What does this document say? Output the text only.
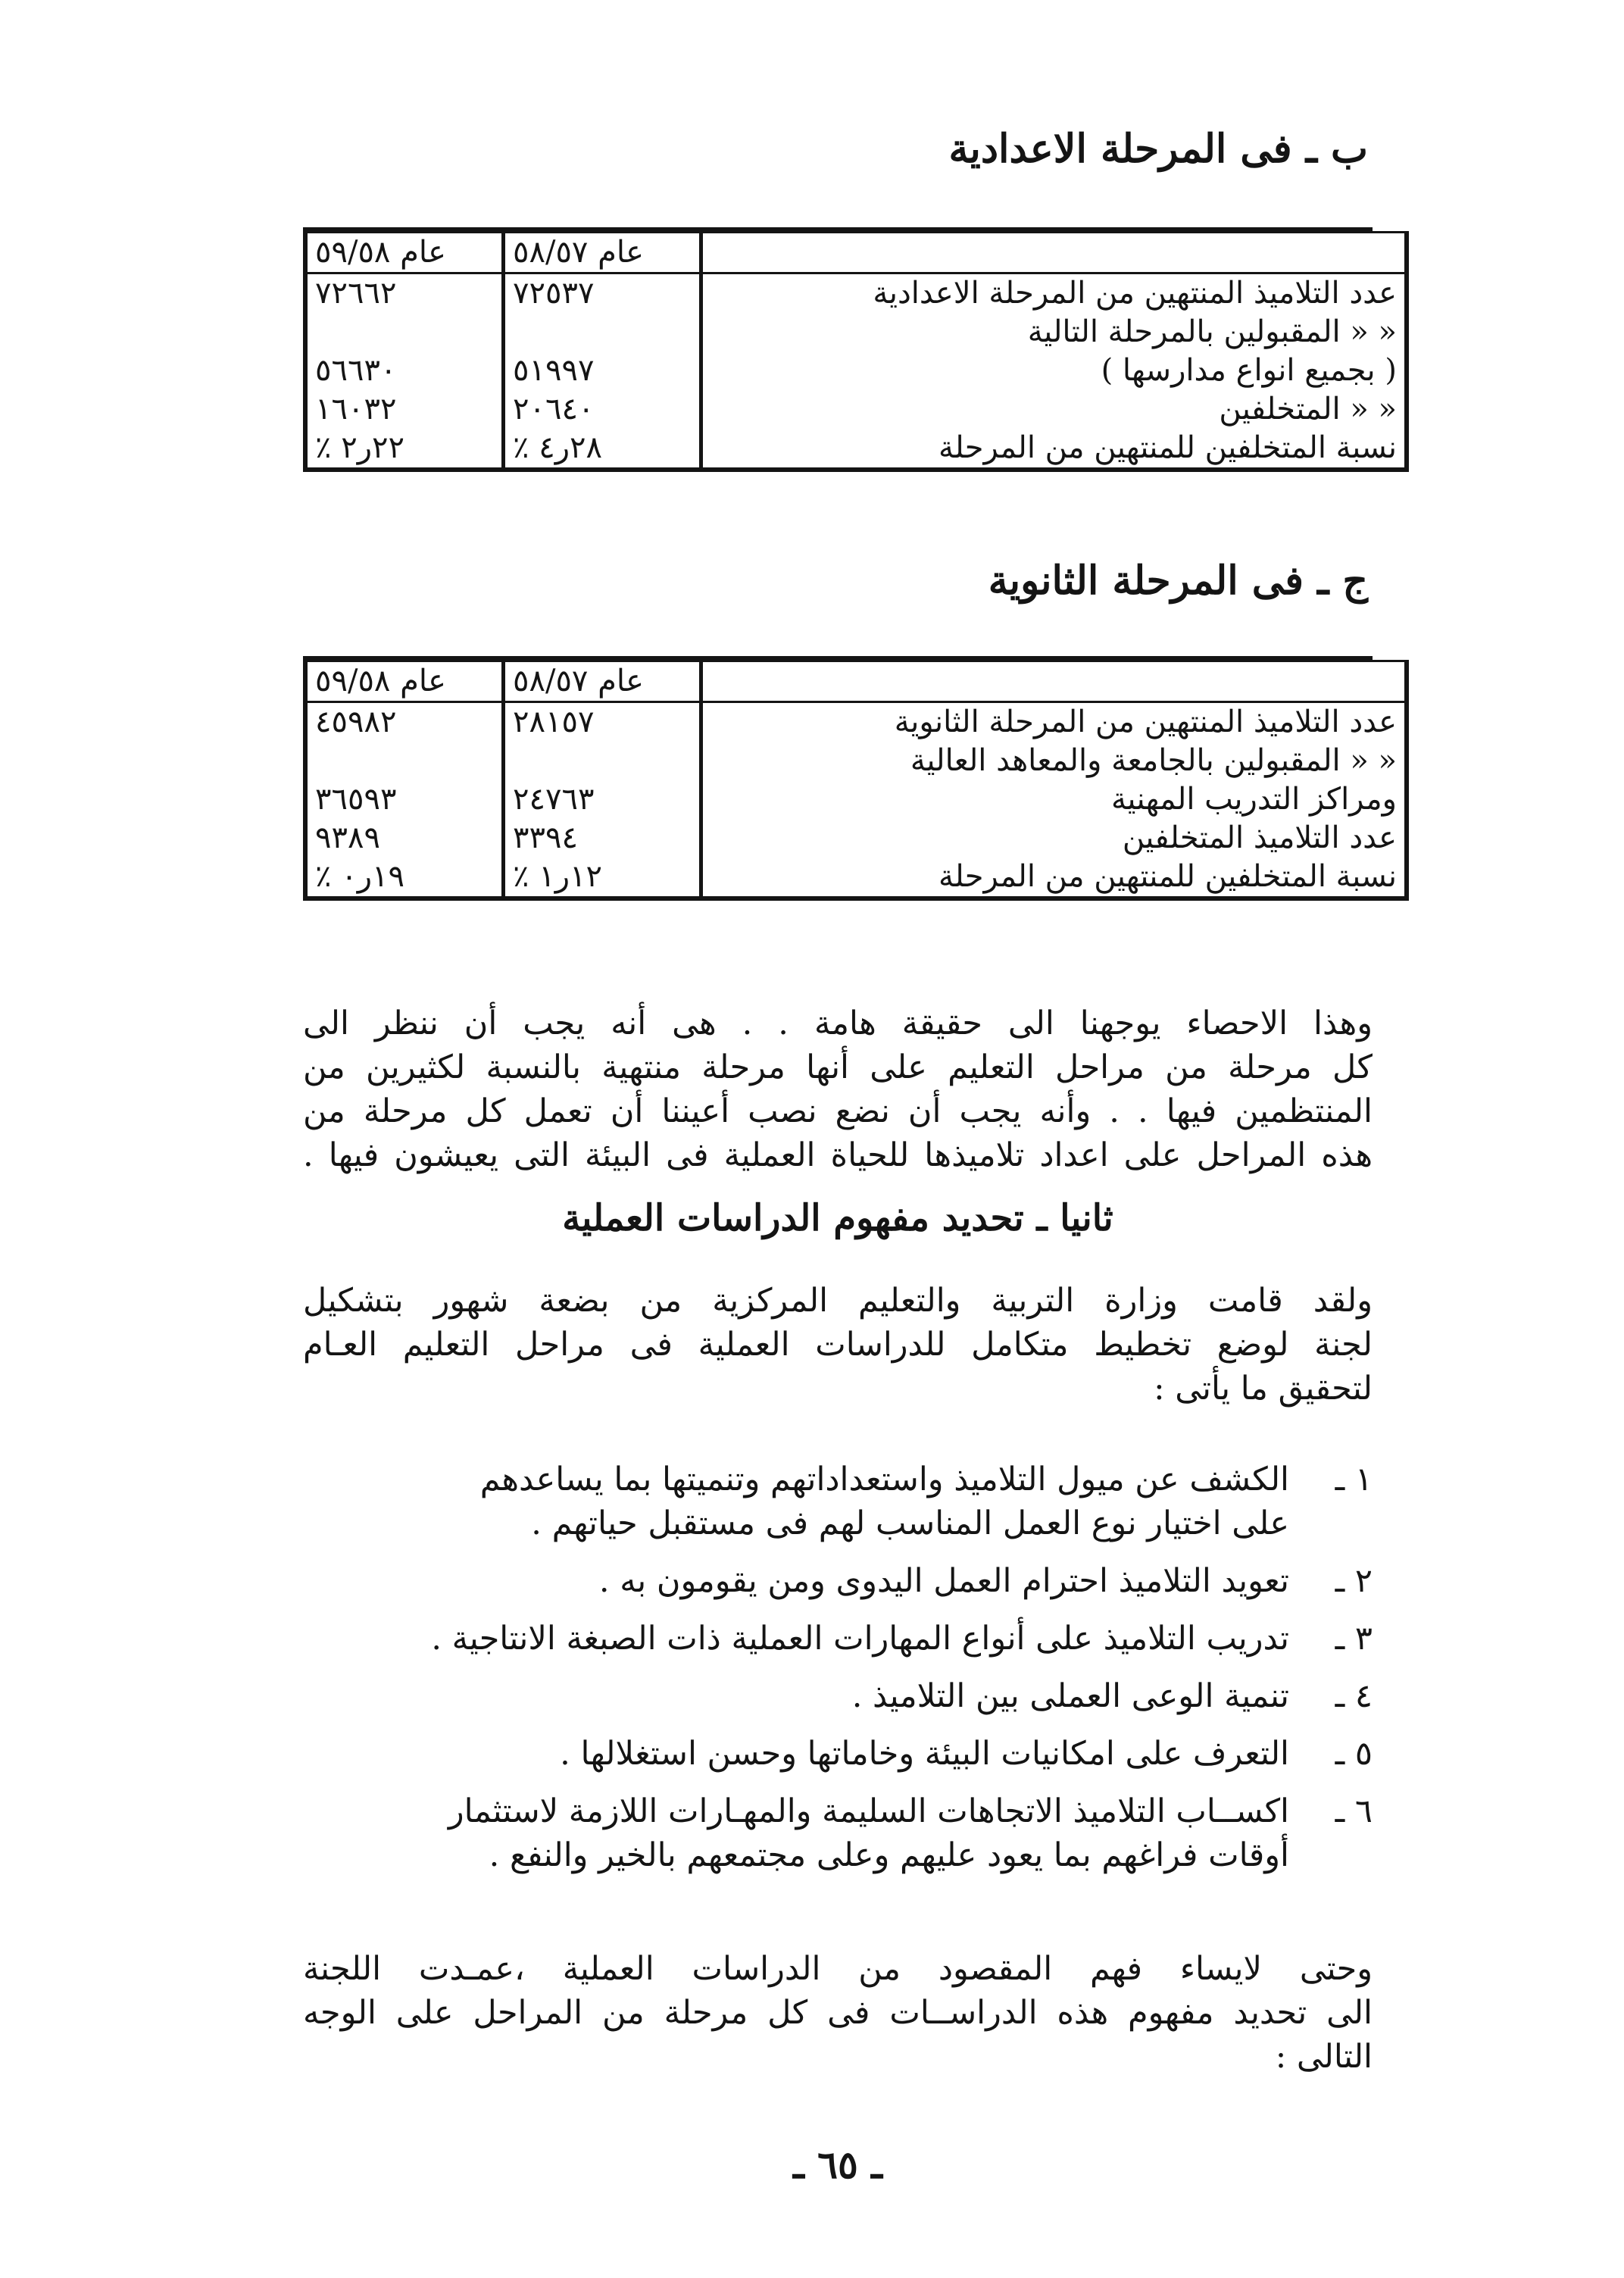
ب ـ فى المرحلة الاعدادية
	عام ٥٨/٥٧	عام ٥٩/٥٨
عدد التلاميذ المنتهين من المرحلة الاعدادية	٧٢٥٣٧	٧٢٦٦٢
« « المقبولين بالمرحلة التالية		
( بجميع انواع مدارسها )	٥١٩٩٧	٥٦٦٣٠
« « المتخلفين	٢٠٦٤٠	١٦٠٣٢
نسبة المتخلفين للمنتهين من المرحلة	٢٨ر٤ ٪	٢٢ر٢ ٪
ج ـ فى المرحلة الثانوية
	عام ٥٨/٥٧	عام ٥٩/٥٨
عدد التلاميذ المنتهين من المرحلة الثانوية	٢٨١٥٧	٤٥٩٨٢
« « المقبولين بالجامعة والمعاهد العالية		
ومراكز التدريب المهنية	٢٤٧٦٣	٣٦٥٩٣
عدد التلاميذ المتخلفين	٣٣٩٤	٩٣٨٩
نسبة المتخلفين للمنتهين من المرحلة	١٢ر١ ٪	١٩ر٠ ٪
وهذا الاحصاء يوجهنا الى حقيقة هامة . . هى أنه يجب أن ننظر الى
كل مرحلة من مراحل التعليم على أنها مرحلة منتهية بالنسبة لكثيرين من
المنتظمين فيها . . وأنه يجب أن نضع نصب أعيننا أن تعمل كل مرحلة من
هذه المراحل على اعداد تلاميذها للحياة العملية فى البيئة التى يعيشون فيها .
ثانيا ـ تحديد مفهوم الدراسات العملية
ولقد قامت وزارة التربية والتعليم المركزية من بضعة شهور بتشكيل
لجنة لوضع تخطيط متكامل للدراسات العملية فى مراحل التعليم العـام
لتحقيق ما يأتى :
١ ـ
الكشف عن ميول التلاميذ واستعداداتهم وتنميتها بما يساعدهم
على اختيار نوع العمل المناسب لهم فى مستقبل حياتهم .
٢ ـ
تعويد التلاميذ احترام العمل اليدوى ومن يقومون به .
٣ ـ
تدريب التلاميذ على أنواع المهارات العملية ذات الصبغة الانتاجية .
٤ ـ
تنمية الوعى العملى بين التلاميذ .
٥ ـ
التعرف على امكانيات البيئة وخاماتها وحسن استغلالها .
٦ ـ
اكســاب التلاميذ الاتجاهات السليمة والمهـارات اللازمة لاستثمار
أوقات فراغهم بما يعود عليهم وعلى مجتمعهم بالخير والنفع .
وحتى لايساء فهم المقصود من الدراسات العملية ،عمـدت اللجنة
الى تحديد مفهوم هذه الدراســات فى كل مرحلة من المراحل على الوجه
التالى :
ـ ٦٥ ـ
